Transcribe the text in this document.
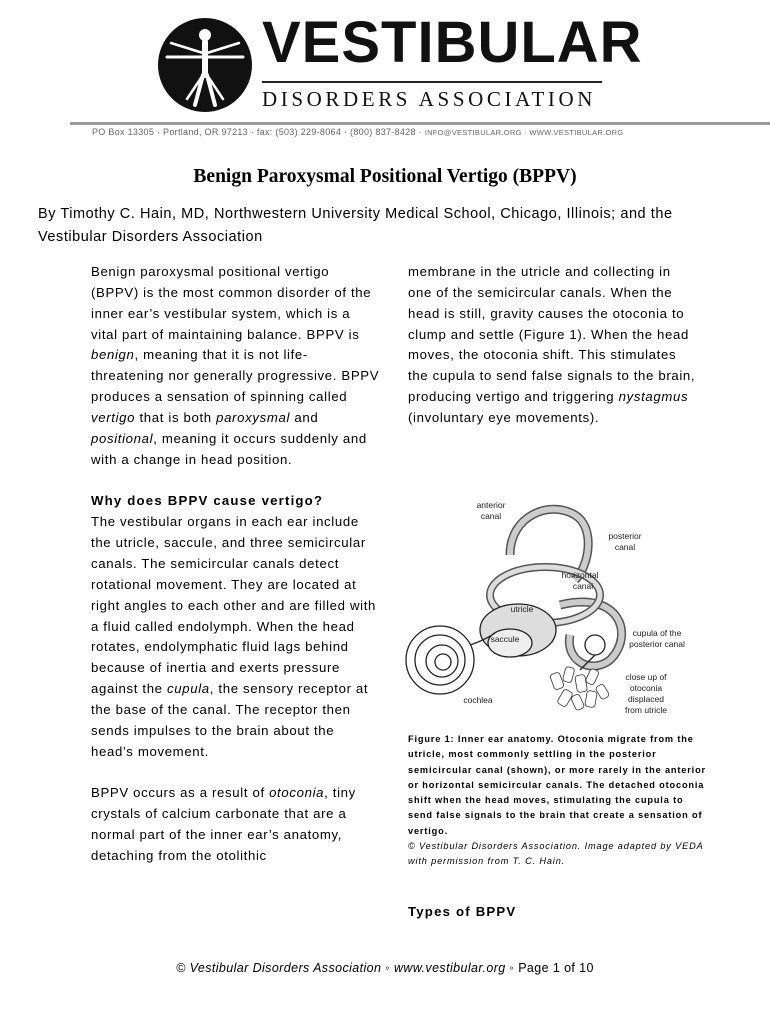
VESTIBULAR
DISORDERS ASSOCIATION
PO Box 13305 · Portland, OR 97213 · fax: (503) 229-8064 · (800) 837-8428 · INFO@VESTIBULAR.ORG · WWW.VESTIBULAR.ORG
Benign Paroxysmal Positional Vertigo (BPPV)
By Timothy C. Hain, MD, Northwestern University Medical School, Chicago, Illinois; and the Vestibular Disorders Association

Benign paroxysmal positional vertigo (BPPV) is the most common disorder of the inner ear’s vestibular system, which is a vital part of maintaining balance. BPPV is benign, meaning that it is not life-threatening nor generally progressive. BPPV produces a sensation of spinning called vertigo that is both paroxysmal and positional, meaning it occurs suddenly and with a change in head position.

Why does BPPV cause vertigo?

The vestibular organs in each ear include the utricle, saccule, and three semicircular canals. The semicircular canals detect rotational movement. They are located at right angles to each other and are filled with a fluid called endolymph. When the head rotates, endolymphatic fluid lags behind because of inertia and exerts pressure against the cupula, the sensory receptor at the base of the canal. The receptor then sends impulses to the brain about the head’s movement.

BPPV occurs as a result of otoconia, tiny crystals of calcium carbonate that are a normal part of the inner ear’s anatomy, detaching from the otolithic

membrane in the utricle and collecting in one of the semicircular canals. When the head is still, gravity causes the otoconia to clump and settle (Figure 1). When the head moves, the otoconia shift. This stimulates the cupula to send false signals to the brain, producing vertigo and triggering nystagmus (involuntary eye movements).

anterior
canal
posterior
canal
horizontal
canal
utricle
saccule
cupula of the
posterior canal
close up of
otoconia
displaced
from utricle
cochlea
Figure 1: Inner ear anatomy. Otoconia migrate from the utricle, most commonly settling in the posterior semicircular canal (shown), or more rarely in the anterior or horizontal semicircular canals. The detached otoconia shift when the head moves, stimulating the cupula to send false signals to the brain that create a sensation of vertigo.
© Vestibular Disorders Association. Image adapted by VEDA with permission from T. C. Hain.
Types of BPPV
© Vestibular Disorders Association ◦ www.vestibular.org ◦ Page 1 of 10
